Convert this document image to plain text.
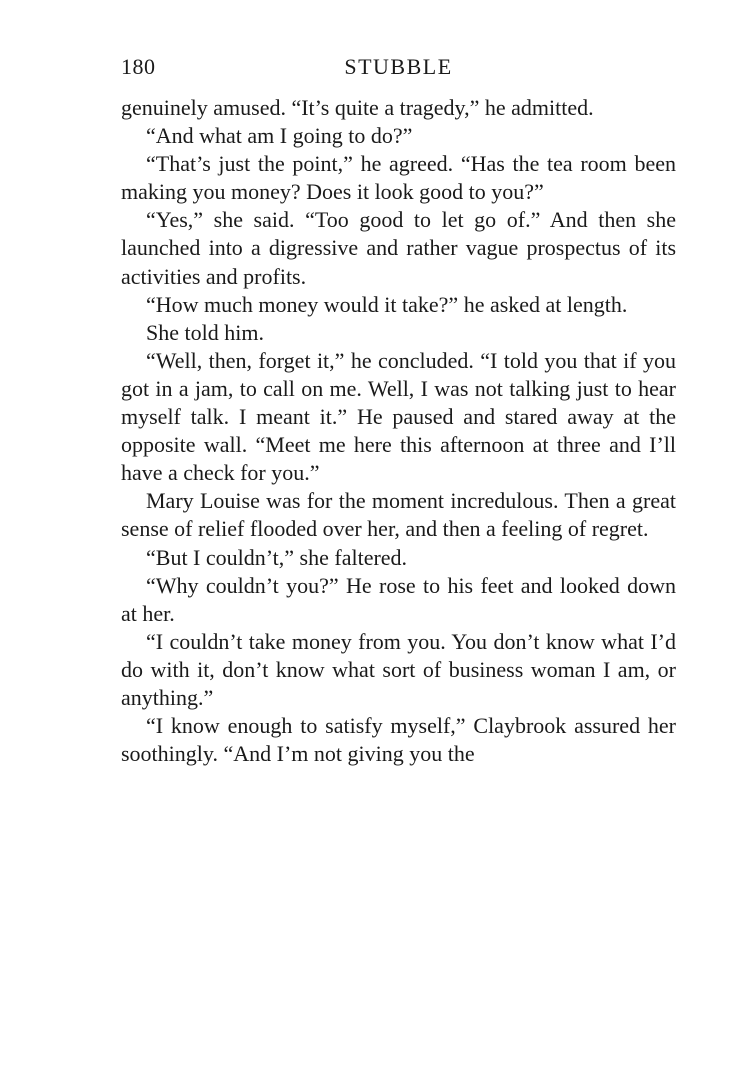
180	STUBBLE

genuinely amused. “It’s quite a tragedy,” he admitted.

“And what am I going to do?”

“That’s just the point,” he agreed. “Has the tea room been making you money? Does it look good to you?”

“Yes,” she said. “Too good to let go of.” And then she launched into a digressive and rather vague prospectus of its activities and profits.

“How much money would it take?” he asked at length.

She told him.

“Well, then, forget it,” he concluded. “I told you that if you got in a jam, to call on me. Well, I was not talking just to hear myself talk. I meant it.” He paused and stared away at the opposite wall. “Meet me here this afternoon at three and I’ll have a check for you.”

Mary Louise was for the moment incredulous. Then a great sense of relief flooded over her, and then a feeling of regret.

“But I couldn’t,” she faltered.

“Why couldn’t you?” He rose to his feet and looked down at her.

“I couldn’t take money from you. You don’t know what I’d do with it, don’t know what sort of business woman I am, or anything.”

“I know enough to satisfy myself,” Claybrook assured her soothingly. “And I’m not giving you the
